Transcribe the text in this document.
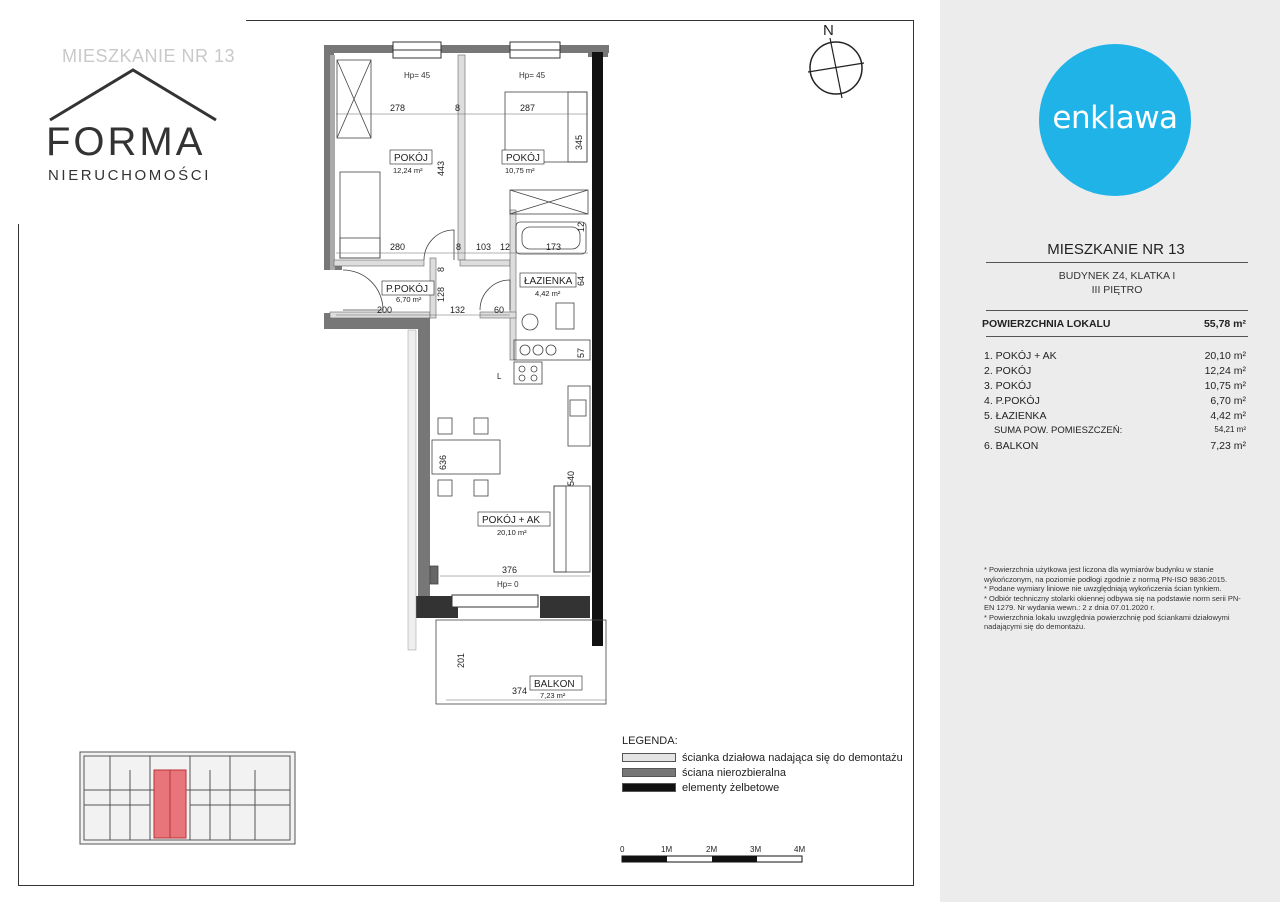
N
Hp= 45	Hp= 45
Hp= 0
POKÓJ
12,24 m²
POKÓJ
10,75 m²
P.POKÓJ
6,70 m²
ŁAZIENKA
4,42 m²
POKÓJ + AK
20,10 m²
BALKON
7,23 m²
278	8	287
443
345
280	8 103 12	173
12
8
128
200	132	60
64
57
636
540
376
201
374
L
0	1M	2M	3M	4M
MIESZKANIE NR 13
FORMA
NIERUCHOMOŚCI
LEGENDA:
ścianka działowa nadająca się do demontażu
ściana nierozbieralna
elementy żelbetowe
enklawa
MIESZKANIE NR 13
BUDYNEK Z4, KLATKA I
III PIĘTRO
POWIERZCHNIA LOKALU	55,78 m²
1. POKÓJ + AK	20,10 m²
2. POKÓJ	12,24 m²
3. POKÓJ	10,75 m²
4. P.POKÓJ	6,70 m²
5. ŁAZIENKA	4,42 m²
SUMA POW. POMIESZCZEŃ:	54,21 m²
6. BALKON	7,23 m²
* Powierzchnia użytkowa jest liczona dla wymiarów budynku w stanie wykończonym, na poziomie podłogi zgodnie z normą PN-ISO 9836:2015.
* Podane wymiary liniowe nie uwzględniają wykończenia ścian tynkiem.
* Odbiór techniczny stolarki okiennej odbywa się na podstawie norm serii PN-EN 1279. Nr wydania wewn.: 2 z dnia 07.01.2020 r.
* Powierzchnia lokalu uwzględnia powierzchnię pod ściankami działowymi nadającymi się do demontażu.
